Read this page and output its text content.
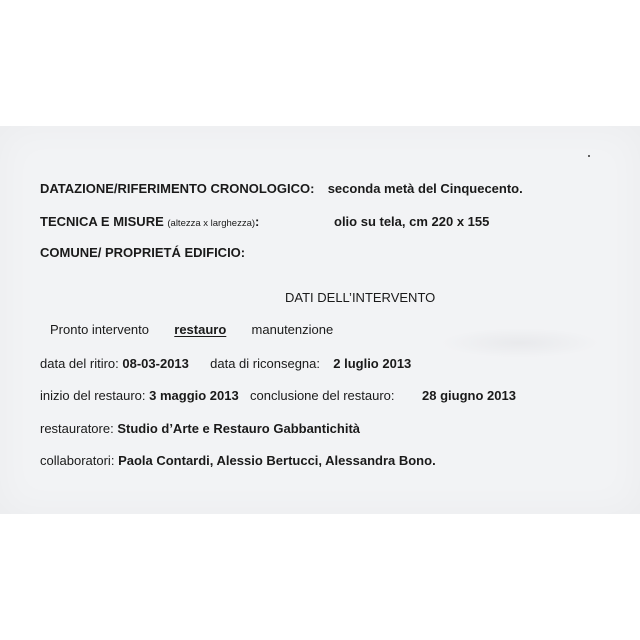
DATAZIONE/RIFERIMENTO CRONOLOGICO: seconda metà del Cinquecento.
TECNICA E MISURE (altezza x larghezza):	olio su tela, cm 220 x 155
COMUNE/ PROPRIETÁ EDIFICIO:
DATI DELL’INTERVENTO
Pronto intervento restauro manutenzione
data del ritiro: 08-03-2013 data di riconsegna: 2 luglio 2013
inizio del restauro: 3 maggio 2013 conclusione del restauro: 28 giugno 2013
restauratore: Studio d’Arte e Restauro Gabbantichità
collaboratori: Paola Contardi, Alessio Bertucci, Alessandra Bono.
